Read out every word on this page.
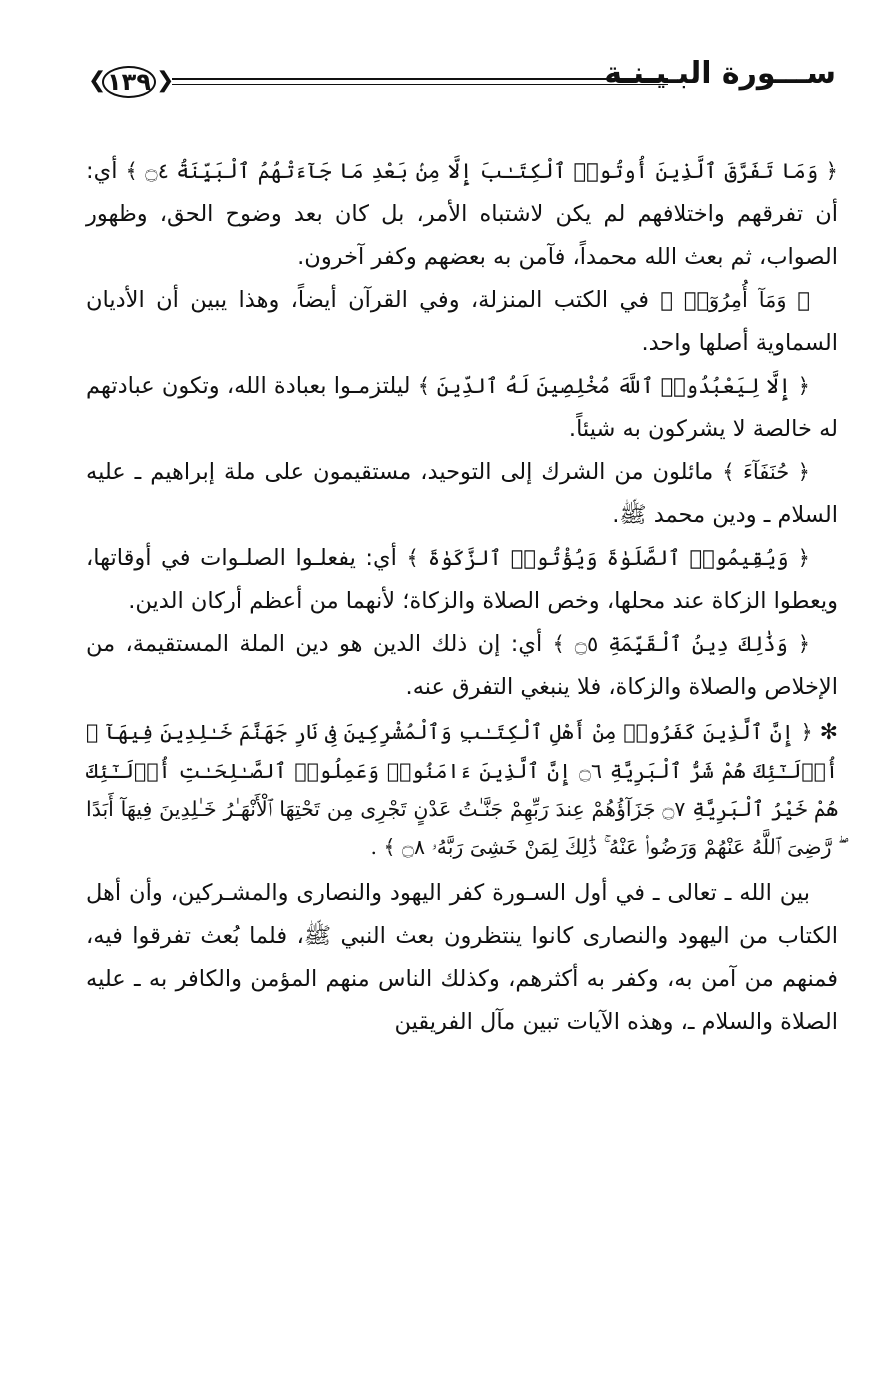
١٣٩
❮ ❯	ســـورة البـيـنـة

﴿ وَمَا تَفَرَّقَ ٱلَّذِينَ أُوتُوا۟ ٱلْكِتَـٰبَ إِلَّا مِنۢ بَعْدِ مَا جَآءَتْهُمُ ٱلْبَيِّنَةُ ۝٤ ﴾ أي: أن تفرقهم واختلافهم لم يكن لاشتباه الأمر، بل كان بعد وضوح الحق، وظهور الصواب، ثم بعث الله محمداً، فآمن به بعضهم وكفر آخرون.

﴿ وَمَآ أُمِرُوٓا۟ ﴾ في الكتب المنزلة، وفي القرآن أيضاً، وهذا يبين أن الأديان السماوية أصلها واحد.

﴿ إِلَّا لِيَعْبُدُوا۟ ٱللَّهَ مُخْلِصِينَ لَهُ ٱلدِّينَ ﴾ ليلتزمـوا بعبادة الله، وتكون عبادتهم له خالصة لا يشركون به شيئاً.

﴿ حُنَفَآءَ ﴾ مائلون من الشرك إلى التوحيد، مستقيمون على ملة إبراهيم ـ عليه السلام ـ ودين محمد ﷺ.

﴿ وَيُقِيمُوا۟ ٱلصَّلَوٰةَ وَيُؤْتُوا۟ ٱلزَّكَوٰةَ ﴾ أي: يفعلـوا الصلـوات في أوقاتها، ويعطوا الزكاة عند محلها، وخص الصلاة والزكاة؛ لأنهما من أعظم أركان الدين.

﴿ وَذَٰلِكَ دِينُ ٱلْقَيِّمَةِ ۝٥ ﴾ أي: إن ذلك الدين هو دين الملة المستقيمة، من الإخلاص والصلاة والزكاة، فلا ينبغي التفرق عنه.

✻ ﴿ إِنَّ ٱلَّذِينَ كَفَرُوا۟ مِنْ أَهْلِ ٱلْكِتَـٰبِ وَٱلْمُشْرِكِينَ فِى نَارِ جَهَنَّمَ خَـٰلِدِينَ فِيهَآ ۚ أُو۟لَـٰٓئِكَ هُمْ شَرُّ ٱلْبَرِيَّةِ ۝٦ إِنَّ ٱلَّذِينَ ءَامَنُوا۟ وَعَمِلُوا۟ ٱلصَّـٰلِحَـٰتِ أُو۟لَـٰٓئِكَ هُمْ خَيْرُ ٱلْبَرِيَّةِ ۝٧ جَزَآؤُهُمْ عِندَ رَبِّهِمْ جَنَّـٰتُ عَدْنٍ تَجْرِى مِن تَحْتِهَا ٱلْأَنْهَـٰرُ خَـٰلِدِينَ فِيهَآ أَبَدًا ۖ رَّضِىَ ٱللَّهُ عَنْهُمْ وَرَضُوا۟ عَنْهُ ۚ ذَٰلِكَ لِمَنْ خَشِىَ رَبَّهُۥ ۝٨ ﴾ .

بين الله ـ تعالى ـ في أول السـورة كفر اليهود والنصارى والمشـركين، وأن أهل الكتاب من اليهود والنصارى كانوا ينتظرون بعث النبي ﷺ، فلما بُعث تفرقوا فيه، فمنهم من آمن به، وكفر به أكثرهم، وكذلك الناس منهم المؤمن والكافر به ـ عليه الصلاة والسلام ـ، وهذه الآيات تبين مآل الفريقين
